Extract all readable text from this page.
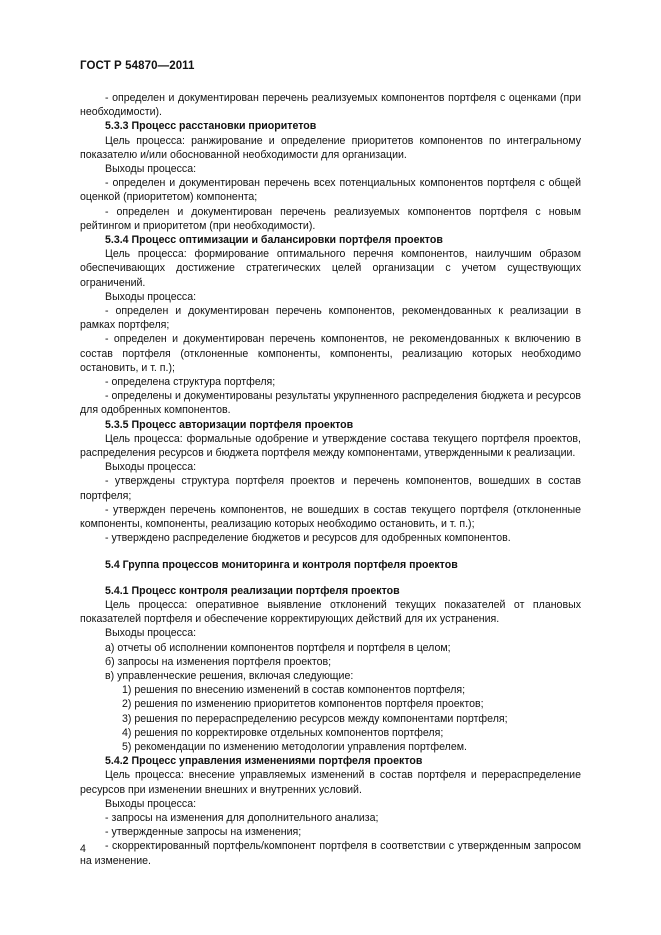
ГОСТ Р 54870—2011

- определен и документирован перечень реализуемых компонентов портфеля с оценками (при необходимости).

5.3.3 Процесс расстановки приоритетов

Цель процесса: ранжирование и определение приоритетов компонентов по интегральному показателю и/или обоснованной необходимости для организации.

Выходы процесса:

- определен и документирован перечень всех потенциальных компонентов портфеля с общей оценкой (приоритетом) компонента;

- определен и документирован перечень реализуемых компонентов портфеля с новым рейтингом и приоритетом (при необходимости).

5.3.4 Процесс оптимизации и балансировки портфеля проектов

Цель процесса: формирование оптимального перечня компонентов, наилучшим образом обеспечивающих достижение стратегических целей организации с учетом существующих ограничений.

Выходы процесса:

- определен и документирован перечень компонентов, рекомендованных к реализации в рамках портфеля;

- определен и документирован перечень компонентов, не рекомендованных к включению в состав портфеля (отклоненные компоненты, компоненты, реализацию которых необходимо остановить, и т. п.);

- определена структура портфеля;

- определены и документированы результаты укрупненного распределения бюджета и ресурсов для одобренных компонентов.

5.3.5 Процесс авторизации портфеля проектов

Цель процесса: формальные одобрение и утверждение состава текущего портфеля проектов, распределения ресурсов и бюджета портфеля между компонентами, утвержденными к реализации.

Выходы процесса:

- утверждены структура портфеля проектов и перечень компонентов, вошедших в состав портфеля;

- утвержден перечень компонентов, не вошедших в состав текущего портфеля (отклоненные компоненты, компоненты, реализацию которых необходимо остановить, и т. п.);

- утверждено распределение бюджетов и ресурсов для одобренных компонентов.

5.4 Группа процессов мониторинга и контроля портфеля проектов

5.4.1 Процесс контроля реализации портфеля проектов

Цель процесса: оперативное выявление отклонений текущих показателей от плановых показателей портфеля и обеспечение корректирующих действий для их устранения.

Выходы процесса:

а) отчеты об исполнении компонентов портфеля и портфеля в целом;

б) запросы на изменения портфеля проектов;

в) управленческие решения, включая следующие:

1) решения по внесению изменений в состав компонентов портфеля;

2) решения по изменению приоритетов компонентов портфеля проектов;

3) решения по перераспределению ресурсов между компонентами портфеля;

4) решения по корректировке отдельных компонентов портфеля;

5) рекомендации по изменению методологии управления портфелем.

5.4.2 Процесс управления изменениями портфеля проектов

Цель процесса: внесение управляемых изменений в состав портфеля и перераспределение ресурсов при изменении внешних и внутренних условий.

Выходы процесса:

- запросы на изменения для дополнительного анализа;

- утвержденные запросы на изменения;

- скорректированный портфель/компонент портфеля в соответствии с утвержденным запросом на изменение.

4
